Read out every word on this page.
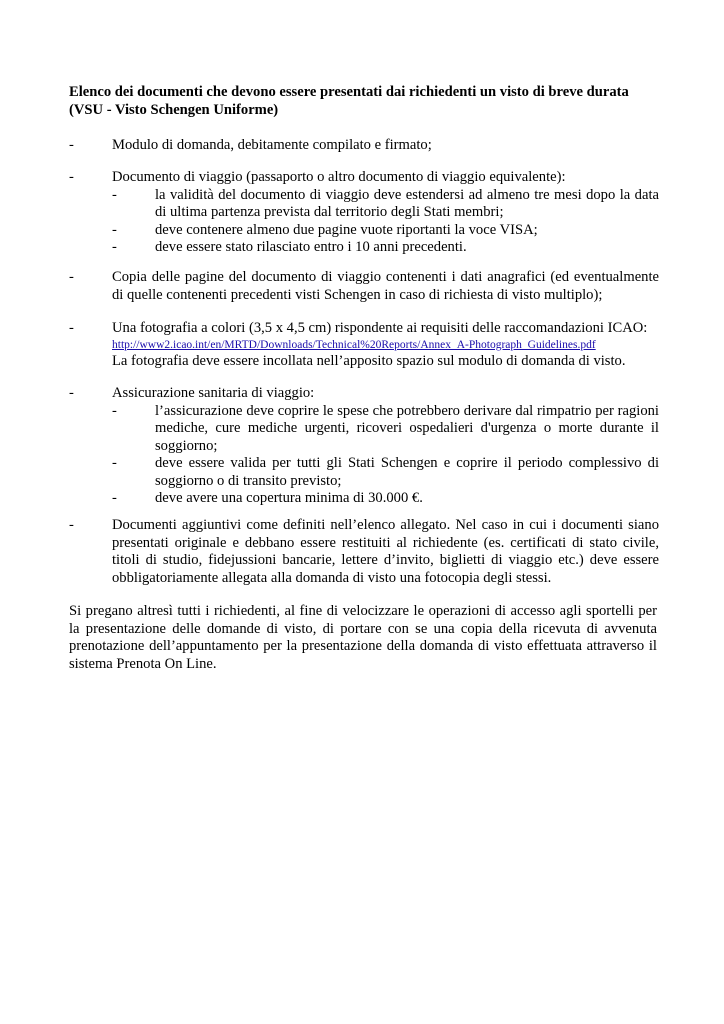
Elenco dei documenti che devono essere presentati dai richiedenti un visto di breve durata (VSU - Visto Schengen Uniforme)
-	Modulo di domanda, debitamente compilato e firmato;
-	Documento di viaggio (passaporto o altro documento di viaggio equivalente):
-	la validità del documento di viaggio deve estendersi ad almeno tre mesi dopo la data di ultima partenza prevista dal territorio degli Stati membri;
-	deve contenere almeno due pagine vuote riportanti la voce VISA;
-	deve essere stato rilasciato entro i 10 anni precedenti.
-	Copia delle pagine del documento di viaggio contenenti i dati anagrafici (ed eventualmente di quelle contenenti precedenti visti Schengen in caso di richiesta di visto multiplo);
-	Una fotografia a colori (3,5 x 4,5 cm) rispondente ai requisiti delle raccomandazioni ICAO:
http://www2.icao.int/en/MRTD/Downloads/Technical%20Reports/Annex_A-Photograph_Guidelines.pdf
La fotografia deve essere incollata nell’apposito spazio sul modulo di domanda di visto.
-	Assicurazione sanitaria di viaggio:
-	l’assicurazione deve coprire le spese che potrebbero derivare dal rimpatrio per ragioni mediche, cure mediche urgenti, ricoveri ospedalieri d'urgenza o morte durante il soggiorno;
-	deve essere valida per tutti gli Stati Schengen e coprire il periodo complessivo di soggiorno o di transito previsto;
-	deve avere una copertura minima di 30.000 €.
-	Documenti aggiuntivi come definiti nell’elenco allegato. Nel caso in cui i documenti siano presentati originale e debbano essere restituiti al richiedente (es. certificati di stato civile, titoli di studio, fidejussioni bancarie, lettere d’invito, biglietti di viaggio etc.) deve essere obbligatoriamente allegata alla domanda di visto una fotocopia degli stessi.
Si pregano altresì tutti i richiedenti, al fine di velocizzare le operazioni di accesso agli sportelli per la presentazione delle domande di visto, di portare con se una copia della ricevuta di avvenuta prenotazione dell’appuntamento per la presentazione della domanda di visto effettuata attraverso il sistema Prenota On Line.
